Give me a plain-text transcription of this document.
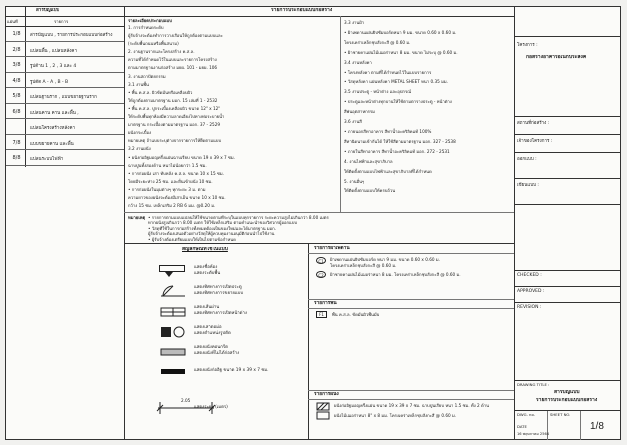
สารบัญแบบ
แผ่นที่	รายการ
1/8	สารบัญแบบ , รายการประกอบแบบก่อสร้าง
2/8	แปลนพื้น , แปลนหลังคา
3/8	รูปด้าน 1 , 2 , 3 และ 4
4/8	รูปตัด A - A , B - B
5/8	แปลนฐานราก , แบบขยายฐานราก
6/8	แปลนคาน คาน และพื้น ,
แปลนโครงสร้างหลังคา
7/8	แบบขยายคาน และพื้น
8/8	แปลนระบบไฟฟ้า
รายการประกอบแบบก่อสร้าง
รายละเอียดประกอบแบบ
1. การกำหนดระดับ
ผู้รับจ้างจะต้องทำการวางเรือนให้ถูกต้องตามแบบและ
(ระดับพื้นถนนหรือพื้นสนาม)
2. งานฐานรากและโครงสร้าง ค.ส.ล.
ความที่ได้กำหนดไว้ในแบบและรายการโครงสร้าง
ตามมาตรฐานงานก่อสร้าง มยผ. 101 - มยผ. 106
3. งานสถาปัตยกรรม
3.1 งานพื้น
• พื้น ค.ส.ล. ผิวขัดมันหรือเคลือบผิว
ให้ถูกต้องตามมาตรฐาน มอก. 15 เล่มที่ 1 - 2532
• พื้น ค.ส.ล. ปูกระเบื้องเคลือบผิว ขนาด 12" x 12"
ให้ระดับพื้นทุกห้องมีความลาดเอียงไปทางท่อระบายน้ำ
มาตรฐาน กระเบื้องตามมาตรฐาน มอก. 37 - 2529
ผนังกระเบื้อง
หมายเหตุ ถ้าแบบระบุต่างจากรายการให้ยึดตามแบบ
3.2 งานผนัง
• ผนังก่ออิฐมอญครึ่งแผ่นฉาบเรียบ ขนาด 19 x 39 x 7 ซม.
ฉาบปูนทั้งสองด้าน หนาไม่น้อยกว่า 1.5 ซม.
• การก่อผนัง เสา ทับหลัง ค.ส.ล. ขนาด 10 x 15 ซม.
โดยมีระยะห่าง 25 ซม. และยื่นเข้าผนัง 10 ซม.
• การก่อผนังในมุมต่างๆ ทุกระยะ 3 ม. ตาม
ความยาวของผนังจะต้องมีเสาเอ็น ขนาด 10 x 10 ซม.
กว้าง 15 ซม. เหล็กเสริม 2 RB 6 มม. @0.20 ม.
3.3 งานฝ้า
• ฝ้าเพดานแผ่นยิปซัมบอร์ดหนา 9 มม. ขนาด 0.60 x 0.60 ม.
โครงเคร่าเหล็กชุบสังกะสี @ 0.60 ม.
• ฝ้าชายคาแผ่นไม้เฌอร่าหนา 8 มม. ขนาด ไม่ระบุ @ 0.60 ม.
3.4 งานหลังคา
• โครงหลังคา ตามที่ได้กำหนดไว้ในแบบรายการ
• วัสดุหลังคา แผ่นหลังคา METAL SHEET หนา 0.35 มม.
3.5 งานประตู - หน้าต่าง และอุปกรณ์
• ประตูและหน้าต่างทุกบานให้ใช้ตามตารางประตู - หน้าต่าง
สีพ่นอุตสาหกรรม
3.6 งานสี
• ภายนอกสีทาอาคาร สีทาน้ำอะคริลิคแท้ 100%
สีทานิดนามเข้ากันได้ ให้ใช้สีตามมาตรฐาน มอก. 327 - 2538
• ภายในสีทาอาคาร สีทาน้ำอะคริลิคแท้ มอก. 272 - 2531
4. งานไฟฟ้าและสุขาภิบาล
ให้ติดตั้งตามแบบไฟฟ้าและสุขาภิบาลที่ได้กำหนด
5. งานอื่นๆ
ให้ติดตั้งตามแบบให้ครบถ้วน
หมายเหตุ • รายการตามแบบแปลนให้ใช้ขนาดตามที่ระบุในแบบทุกรายการ ระยะความสูงไม่เกินกว่า 8.00 เมตร
หากผนังสูงเกินกว่า 8.00 เมตร ให้ใช้เหล็กเสริม ตามคำแนะนำของวิศวกรผู้ออกแบบ
• วัสดุที่ใช้ในการก่อสร้างทั้งหมดต้องเป็นของใหม่และได้มาตรฐาน มอก.
ผู้รับจ้างจะต้องเสนอตัวอย่างวัสดุให้ผู้ควบคุมงานอนุมัติก่อนนำไปใช้งาน
• ผู้รับจ้างต้องเตรียมแบบให้เป็นไปตามข้อกำหนด
สัญลักษณ์ที่ใช้ในแบบ
แสดงชื่อห้อง
แสดงระดับพื้น
แสดงทิศทางการเปิดประตู
แสดงทิศทางการขยายแบบ
แสดงเส้นผ่าน
แสดงทิศทางการเปิดหน้าต่าง
แสดงเสาตอม่อ
แสดงตำแหน่งรูปตัด
แสดงผนังคอนกรีต
แสดงผนังที่ไม่ได้ก่อสร้าง
แสดงผนังก่ออิฐ ขนาด 19 x 39 x 7 ซม.
2.05
แสดงระยะ (เมตร)
รายการฝ้าเพดาน
C1	ฝ้าเพดานแผ่นยิปซัมบอร์ด หนา 9 มม. ขนาด 0.60 x 0.60 ม.
โครงเคร่าเหล็กชุบสังกะสี @ 0.60 ม.
C2	ฝ้าชายคาแผ่นไม้เฌอร่าหนา 8 มม. โครงเคร่าเหล็กชุบสังกะสี @ 0.60 ม.
รายการพื้น
F1	พื้น ค.ส.ล. ขัดมันผิวพื้นมัน
รายการผนัง
ผนังก่ออิฐมอญครึ่งแผ่น ขนาด 19 x 39 x 7 ซม. ฉาบปูนเรียบ หนา 1.5 ซม. ทั้ง 2 ด้าน
ผนังไม้เฌอร่าหนา 8" x 8 มม. โครงเคร่าเหล็กชุบสังกะสี @ 0.60 ม.
โครงการ :
ก่อสร้างอาคารอเนกประสงค์
สถานที่ก่อสร้าง :
เจ้าของโครงการ :
ออกแบบ :
เขียนแบบ :
CHECKED :
APPROVED :
REVISION :
DRAWING TITLE :
สารบัญแบบ
รายการประกอบแบบก่อสร้าง
DWG. no.	SHEET NO.
DATE
16 พฤษภาคม 2564
1/8
